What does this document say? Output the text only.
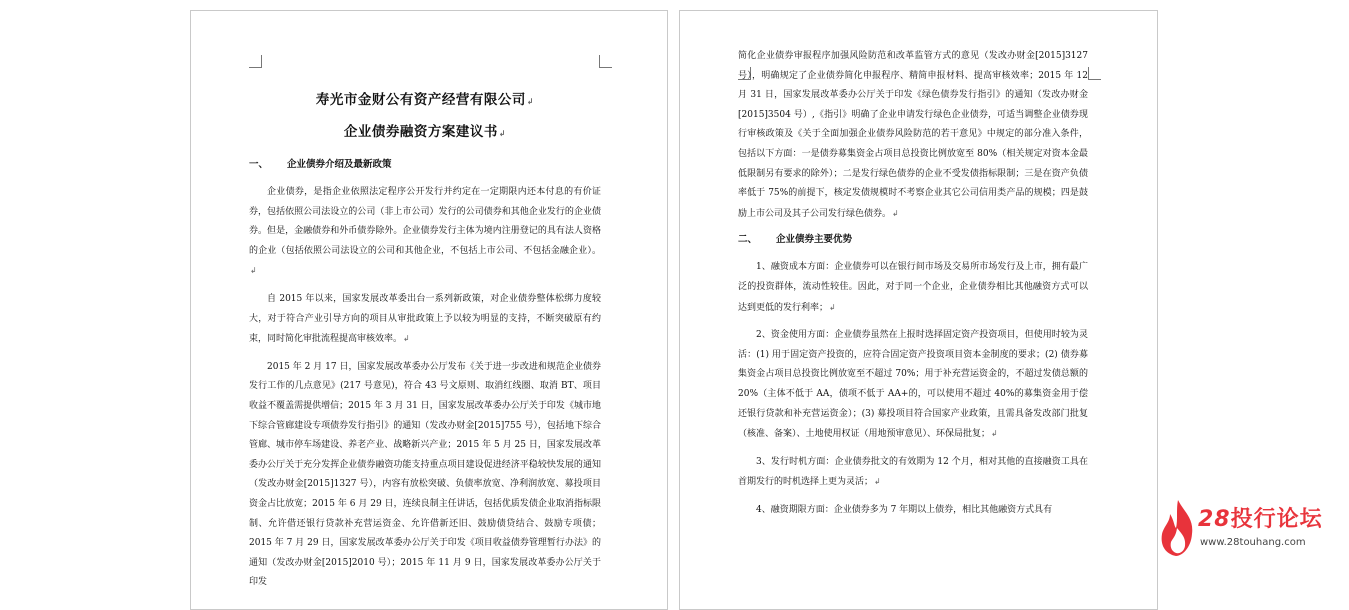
寿光市金财公有资产经营有限公司↲
企业债券融资方案建议书↲
一、 企业债券介绍及最新政策

企业债券，是指企业依照法定程序公开发行并约定在一定期限内还本付息的有价证券，包括依照公司法设立的公司（非上市公司）发行的公司债券和其他企业发行的企业债券。但是，金融债券和外币债券除外。企业债券发行主体为境内注册登记的具有法人资格的企业（包括依照公司法设立的公司和其他企业，不包括上市公司、不包括金融企业）。↲

自 2015 年以来，国家发展改革委出台一系列新政策，对企业债券整体松绑力度较大，对于符合产业引导方向的项目从审批政策上予以较为明显的支持，不断突破原有约束，同时简化审批流程提高审核效率。↲

2015 年 2 月 17 日，国家发展改革委办公厅发布《关于进一步改进和规范企业债券发行工作的几点意见》(217 号意见)，符合 43 号文原则、取消红线圈、取消 BT、项目收益不覆盖需提供增信；2015 年 3 月 31 日，国家发展改革委办公厅关于印发《城市地下综合管廊建设专项债券发行指引》的通知（发改办财金[2015]755 号），包括地下综合管廊、城市停车场建设、养老产业、战略新兴产业；2015 年 5 月 25 日，国家发展改革委办公厅关于充分发挥企业债券融资功能支持重点项目建设促进经济平稳较快发展的通知（发改办财金[2015]1327 号），内容有放松突破、负债率放宽、净利润放宽、募投项目资金占比放宽；2015 年 6 月 29 日，连续良制主任讲话，包括优质发债企业取消指标限制、允许借还银行贷款补充营运资金、允许借新还旧、鼓励债贷结合、鼓励专项债；2015 年 7 月 29 日，国家发展改革委办公厅关于印发《项目收益债券管理暂行办法》的通知（发改办财金[2015]2010 号）；2015 年 11 月 9 日，国家发展改革委办公厅关于印发

简化企业债券审报程序加强风险防范和改革监管方式的意见（发改办财金[2015]3127 号），明确规定了企业债券简化申报程序、精简申报材料、提高审核效率；2015 年 12 月 31 日，国家发展改革委办公厅关于印发《绿色债券发行指引》的通知（发改办财金[2015]3504 号）,《指引》明确了企业申请发行绿色企业债券，可适当调整企业债券现行审核政策及《关于全面加强企业债券风险防范的若干意见》中规定的部分准入条件，包括以下方面：一是债券募集资金占项目总投资比例放宽至 80%（相关规定对资本金最低限制另有要求的除外）；二是发行绿色债券的企业不受发债指标限制；三是在资产负债率低于 75%的前提下，核定发债规模时不考察企业其它公司信用类产品的规模；四是鼓励上市公司及其子公司发行绿色债券。↲

二、 企业债券主要优势

1、融资成本方面：企业债券可以在银行间市场及交易所市场发行及上市，拥有最广泛的投资群体，流动性较佳。因此，对于同一个企业，企业债券相比其他融资方式可以达到更低的发行利率；↲

2、资金使用方面：企业债券虽然在上报时选择固定资产投资项目，但使用时较为灵活：(1) 用于固定资产投资的，应符合固定资产投资项目资本金制度的要求；(2) 债券募集资金占项目总投资比例放宽至不超过 70%；用于补充营运资金的，不超过发债总额的 20%（主体不低于 AA，债项不低于 AA+的，可以使用不超过 40%的募集资金用于偿还银行贷款和补充营运资金）；(3) 募投项目符合国家产业政策，且需具备发改部门批复（核准、备案）、土地使用权证（用地预审意见）、环保局批复；↲

3、发行时机方面：企业债券批文的有效期为 12 个月，相对其他的直接融资工具在首期发行的时机选择上更为灵活；↲

4、融资期限方面：企业债券多为 7 年期以上债券，相比其他融资方式具有	28投行论坛
www.28touhang.com
